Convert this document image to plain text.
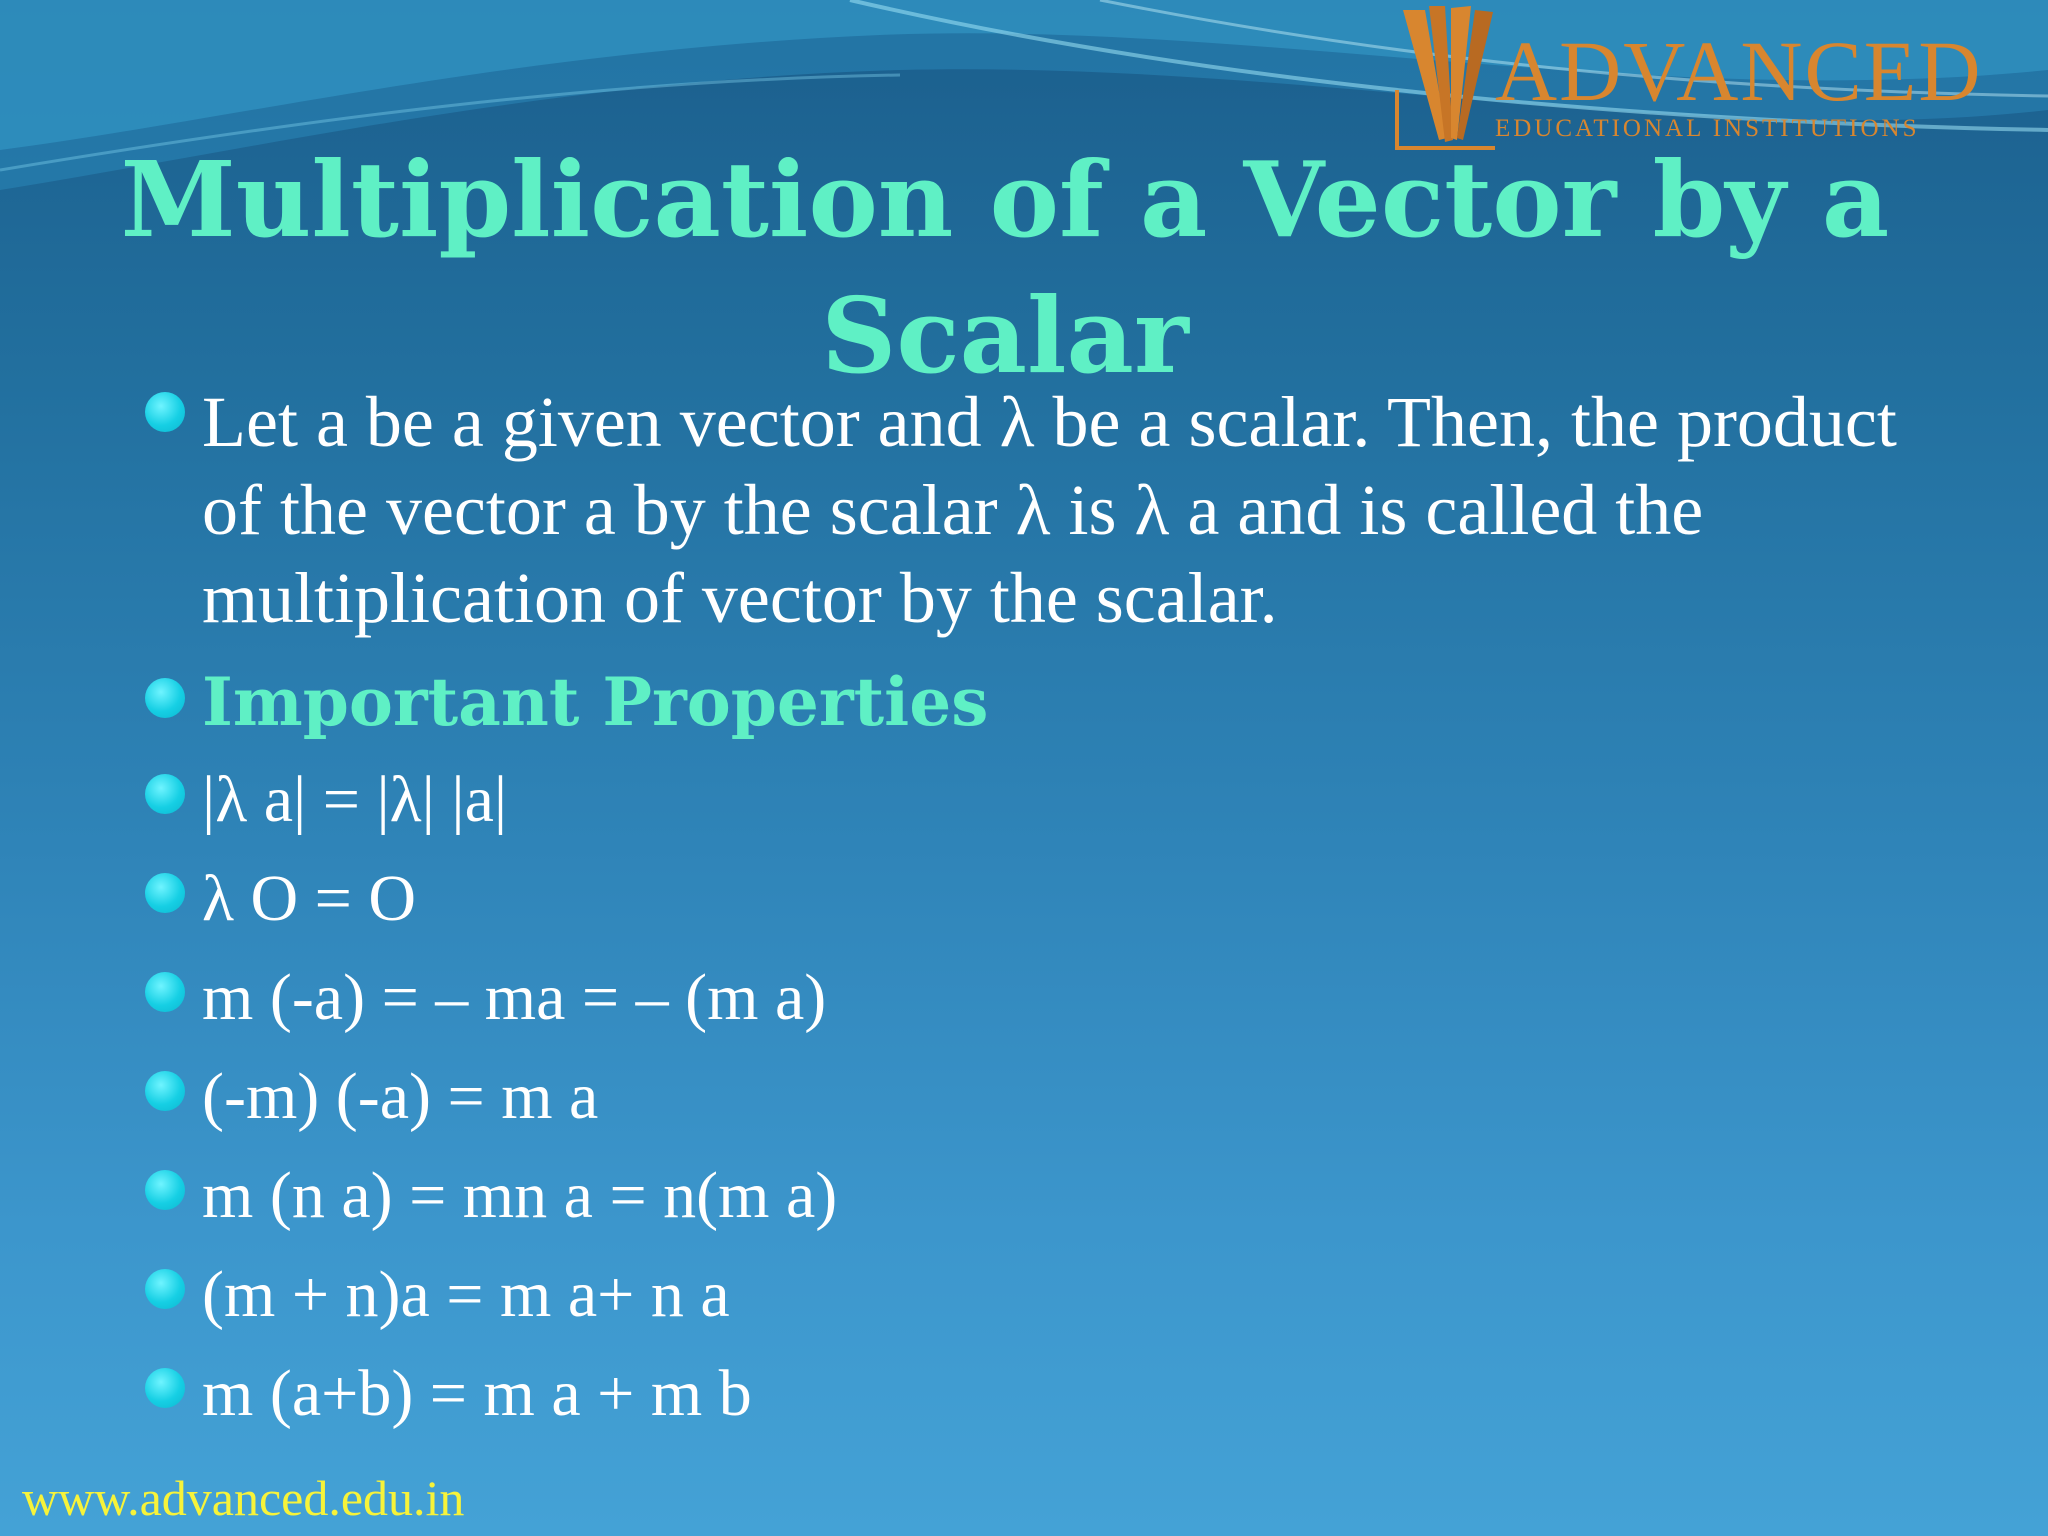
ADVANCED
EDUCATIONAL INSTITUTIONS
Multiplication of a Vector by a Scalar
Let a be a given vector and λ be a scalar. Then, the product of the vector a by the scalar λ is λ a and is called the multiplication of vector by the scalar.
Important Properties
|λ a| = |λ| |a|
λ O = O
m (-a) = – ma = – (m a)
(-m) (-a) = m a
m (n a) = mn a = n(m a)
(m + n)a = m a+ n a
m (a+b) = m a + m b
www.advanced.edu.in
